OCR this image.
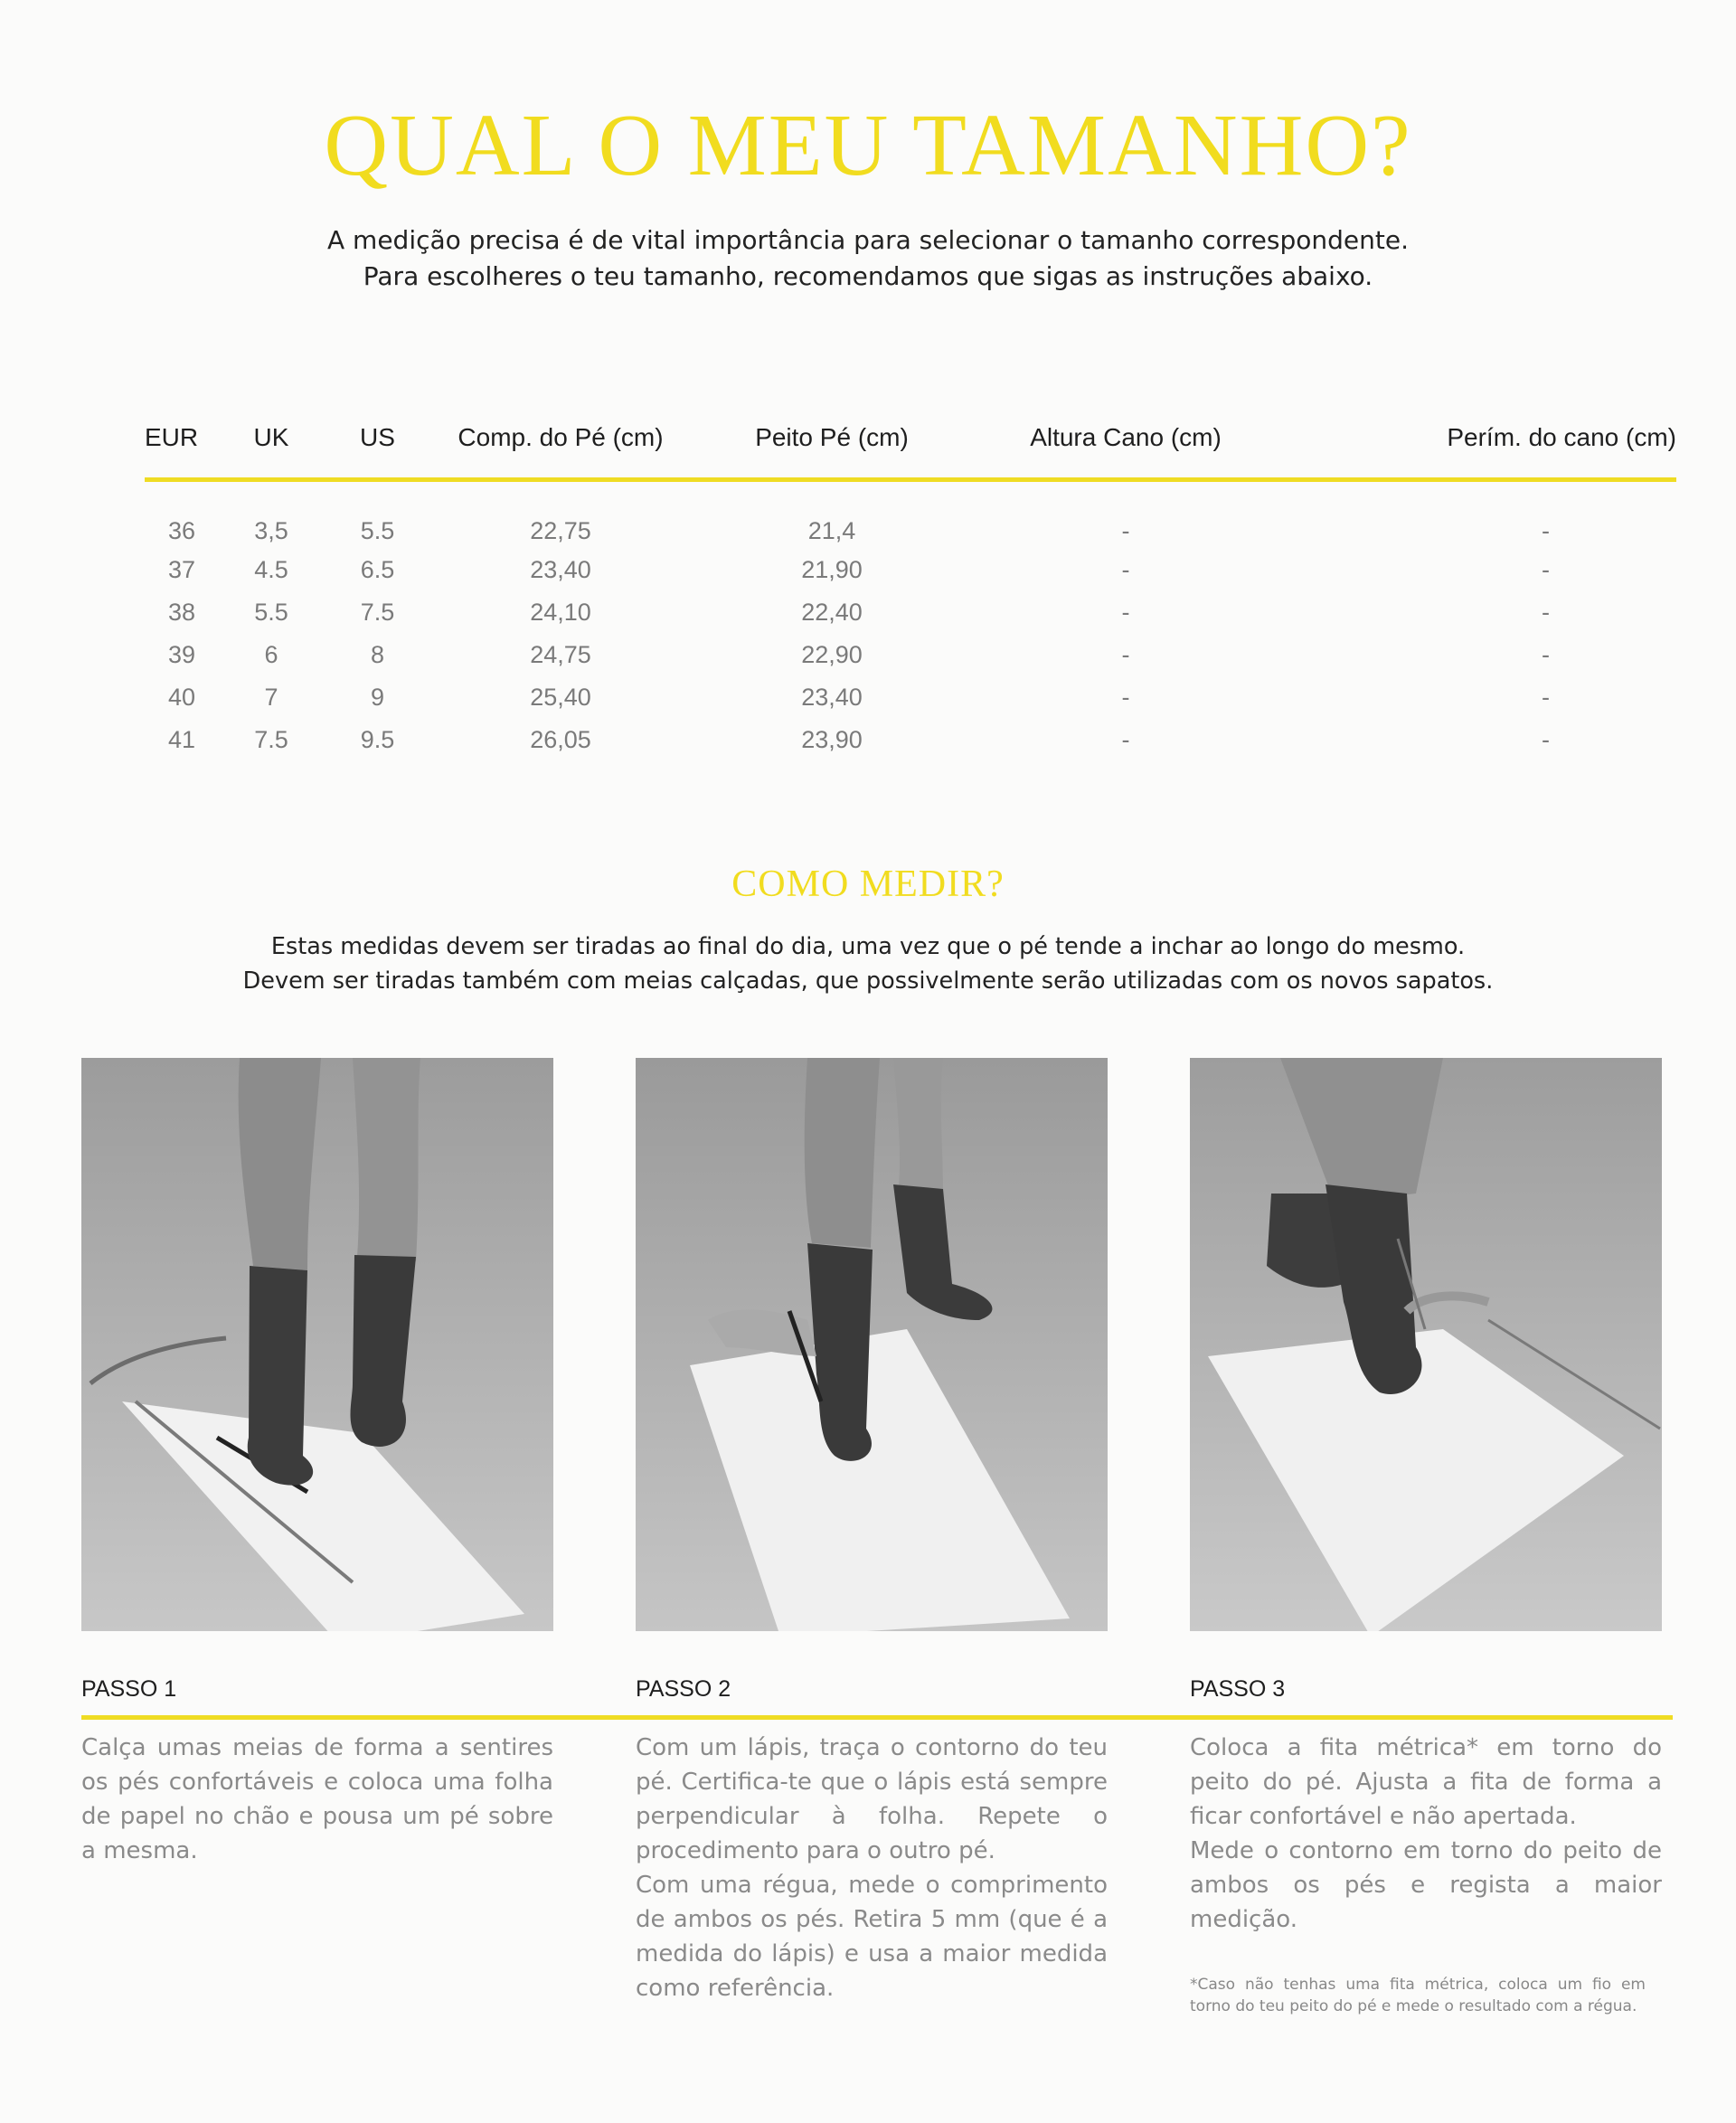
QUAL O MEU TAMANHO?
A medição precisa é de vital importância para selecionar o tamanho correspondente.
Para escolheres o teu tamanho, recomendamos que sigas as instruções abaixo.
EUR	UK	US	Comp. do Pé (cm)	Peito Pé (cm)	Altura Cano (cm)	Perím. do cano (cm)
36	3,5	5.5	22,75	21,4	-	-
37	4.5	6.5	23,40	21,90	-	-
38	5.5	7.5	24,10	22,40	-	-
39	6	8	24,75	22,90	-	-
40	7	9	25,40	23,40	-	-
41	7.5	9.5	26,05	23,90	-	-
COMO MEDIR?
Estas medidas devem ser tiradas ao final do dia, uma vez que o pé tende a inchar ao longo do mesmo.
Devem ser tiradas também com meias calçadas, que possivelmente serão utilizadas com os novos sapatos.
PASSO 1	PASSO 2	PASSO 3
Calça umas meias de forma a sentires os pés confortáveis e coloca uma folha de papel no chão e pousa um pé sobre a mesma.
Com um lápis, traça o contorno do teu pé. Certifica-te que o lápis está sempre perpendicular à folha. Repete o procedimento para o outro pé.
Com uma régua, mede o comprimento de ambos os pés. Retira 5 mm (que é a medida do lápis) e usa a maior medida como referência.
Coloca a fita métrica* em torno do peito do pé. Ajusta a fita de forma a ficar confortável e não apertada.
Mede o contorno em torno do peito de ambos os pés e regista a maior medição.
*Caso não tenhas uma fita métrica, coloca um fio em torno do teu peito do pé e mede o resultado com a régua.
